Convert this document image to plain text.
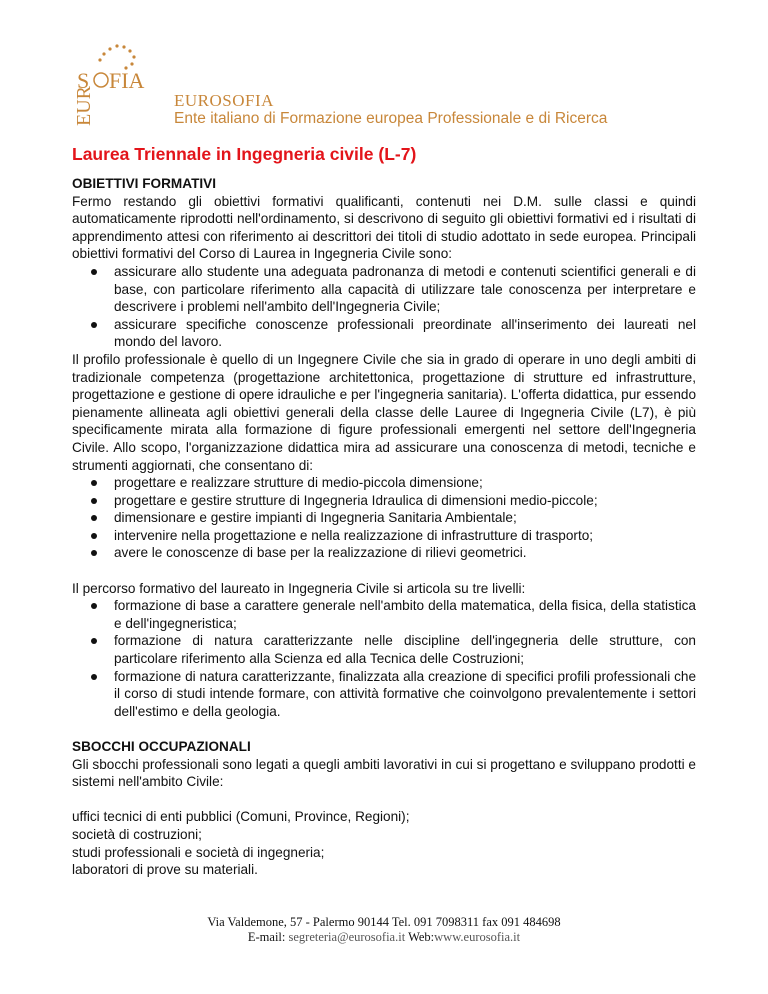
S FIA
EUR	EUROSOFIA
Ente italiano di Formazione europea Professionale e di Ricerca
Laurea Triennale in Ingegneria civile (L-7)

OBIETTIVI FORMATIVI

Fermo restando gli obiettivi formativi qualificanti, contenuti nei D.M. sulle classi e quindi automaticamente riprodotti nell'ordinamento, si descrivono di seguito gli obiettivi formativi ed i risultati di apprendimento attesi con riferimento ai descrittori dei titoli di studio adottato in sede europea. Principali obiettivi formativi del Corso di Laurea in Ingegneria Civile sono:

assicurare allo studente una adeguata padronanza di metodi e contenuti scientifici generali e di base, con particolare riferimento alla capacità di utilizzare tale conoscenza per interpretare e descrivere i problemi nell'ambito dell'Ingegneria Civile;
assicurare specifiche conoscenze professionali preordinate all'inserimento dei laureati nel mondo del lavoro.

Il profilo professionale è quello di un Ingegnere Civile che sia in grado di operare in uno degli ambiti di tradizionale competenza (progettazione architettonica, progettazione di strutture ed infrastrutture, progettazione e gestione di opere idrauliche e per l'ingegneria sanitaria). L'offerta didattica, pur essendo pienamente allineata agli obiettivi generali della classe delle Lauree di Ingegneria Civile (L7), è più specificamente mirata alla formazione di figure professionali emergenti nel settore dell'Ingegneria Civile. Allo scopo, l'organizzazione didattica mira ad assicurare una conoscenza di metodi, tecniche e strumenti aggiornati, che consentano di:

progettare e realizzare strutture di medio-piccola dimensione;
progettare e gestire strutture di Ingegneria Idraulica di dimensioni medio-piccole;
dimensionare e gestire impianti di Ingegneria Sanitaria Ambientale;
intervenire nella progettazione e nella realizzazione di infrastrutture di trasporto;
avere le conoscenze di base per la realizzazione di rilievi geometrici.

Il percorso formativo del laureato in Ingegneria Civile si articola su tre livelli:

formazione di base a carattere generale nell'ambito della matematica, della fisica, della statistica e dell'ingegneristica;
formazione di natura caratterizzante nelle discipline dell'ingegneria delle strutture, con particolare riferimento alla Scienza ed alla Tecnica delle Costruzioni;
formazione di natura caratterizzante, finalizzata alla creazione di specifici profili professionali che il corso di studi intende formare, con attività formative che coinvolgono prevalentemente i settori dell'estimo e della geologia.

SBOCCHI OCCUPAZIONALI

Gli sbocchi professionali sono legati a quegli ambiti lavorativi in cui si progettano e sviluppano prodotti e sistemi nell'ambito Civile:

uffici tecnici di enti pubblici (Comuni, Province, Regioni);

società di costruzioni;

studi professionali e società di ingegneria;

laboratori di prove su materiali.

Via Valdemone, 57 - Palermo 90144 Tel. 091 7098311 fax 091 484698
E-mail: segreteria@eurosofia.it Web:www.eurosofia.it
